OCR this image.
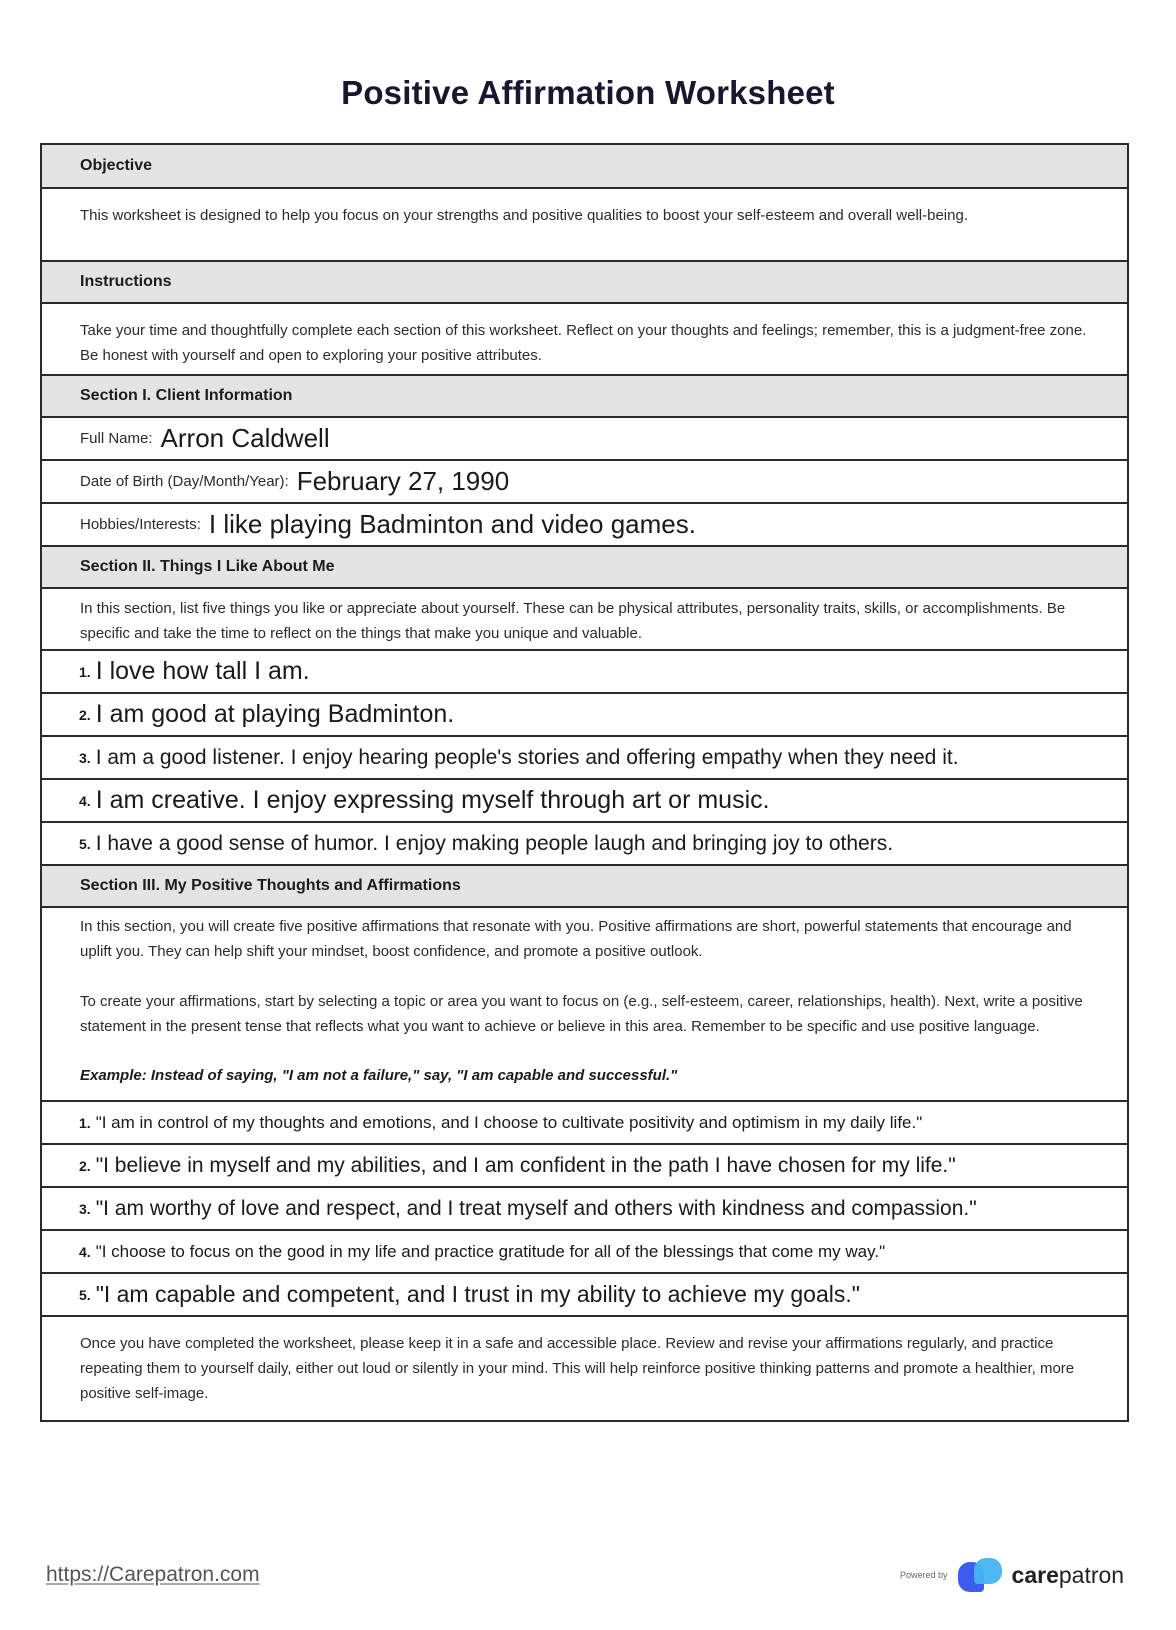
Positive Affirmation Worksheet
Objective
This worksheet is designed to help you focus on your strengths and positive qualities to boost your self-esteem and overall well-being.
Instructions
Take your time and thoughtfully complete each section of this worksheet. Reflect on your thoughts and feelings; remember, this is a judgment-free zone. Be honest with yourself and open to exploring your positive attributes.
Section I. Client Information
Full Name: Arron Caldwell
Date of Birth (Day/Month/Year): February 27, 1990
Hobbies/Interests: I like playing Badminton and video games.
Section II. Things I Like About Me
In this section, list five things you like or appreciate about yourself. These can be physical attributes, personality traits, skills, or accomplishments. Be specific and take the time to reflect on the things that make you unique and valuable.
1. I love how tall I am.
2. I am good at playing Badminton.
3. I am a good listener. I enjoy hearing people's stories and offering empathy when they need it.
4. I am creative. I enjoy expressing myself through art or music.
5. I have a good sense of humor. I enjoy making people laugh and bringing joy to others.
Section III. My Positive Thoughts and Affirmations

In this section, you will create five positive affirmations that resonate with you. Positive affirmations are short, powerful statements that encourage and uplift you. They can help shift your mindset, boost confidence, and promote a positive outlook.

To create your affirmations, start by selecting a topic or area you want to focus on (e.g., self-esteem, career, relationships, health). Next, write a positive statement in the present tense that reflects what you want to achieve or believe in this area. Remember to be specific and use positive language.

Example: Instead of saying, "I am not a failure," say, "I am capable and successful."

1. "I am in control of my thoughts and emotions, and I choose to cultivate positivity and optimism in my daily life."
2. "I believe in myself and my abilities, and I am confident in the path I have chosen for my life."
3. "I am worthy of love and respect, and I treat myself and others with kindness and compassion."
4. "I choose to focus on the good in my life and practice gratitude for all of the blessings that come my way."
5. "I am capable and competent, and I trust in my ability to achieve my goals."
Once you have completed the worksheet, please keep it in a safe and accessible place. Review and revise your affirmations regularly, and practice repeating them to yourself daily, either out loud or silently in your mind. This will help reinforce positive thinking patterns and promote a healthier, more positive self-image.
https://Carepatron.com	Powered by	carepatron
